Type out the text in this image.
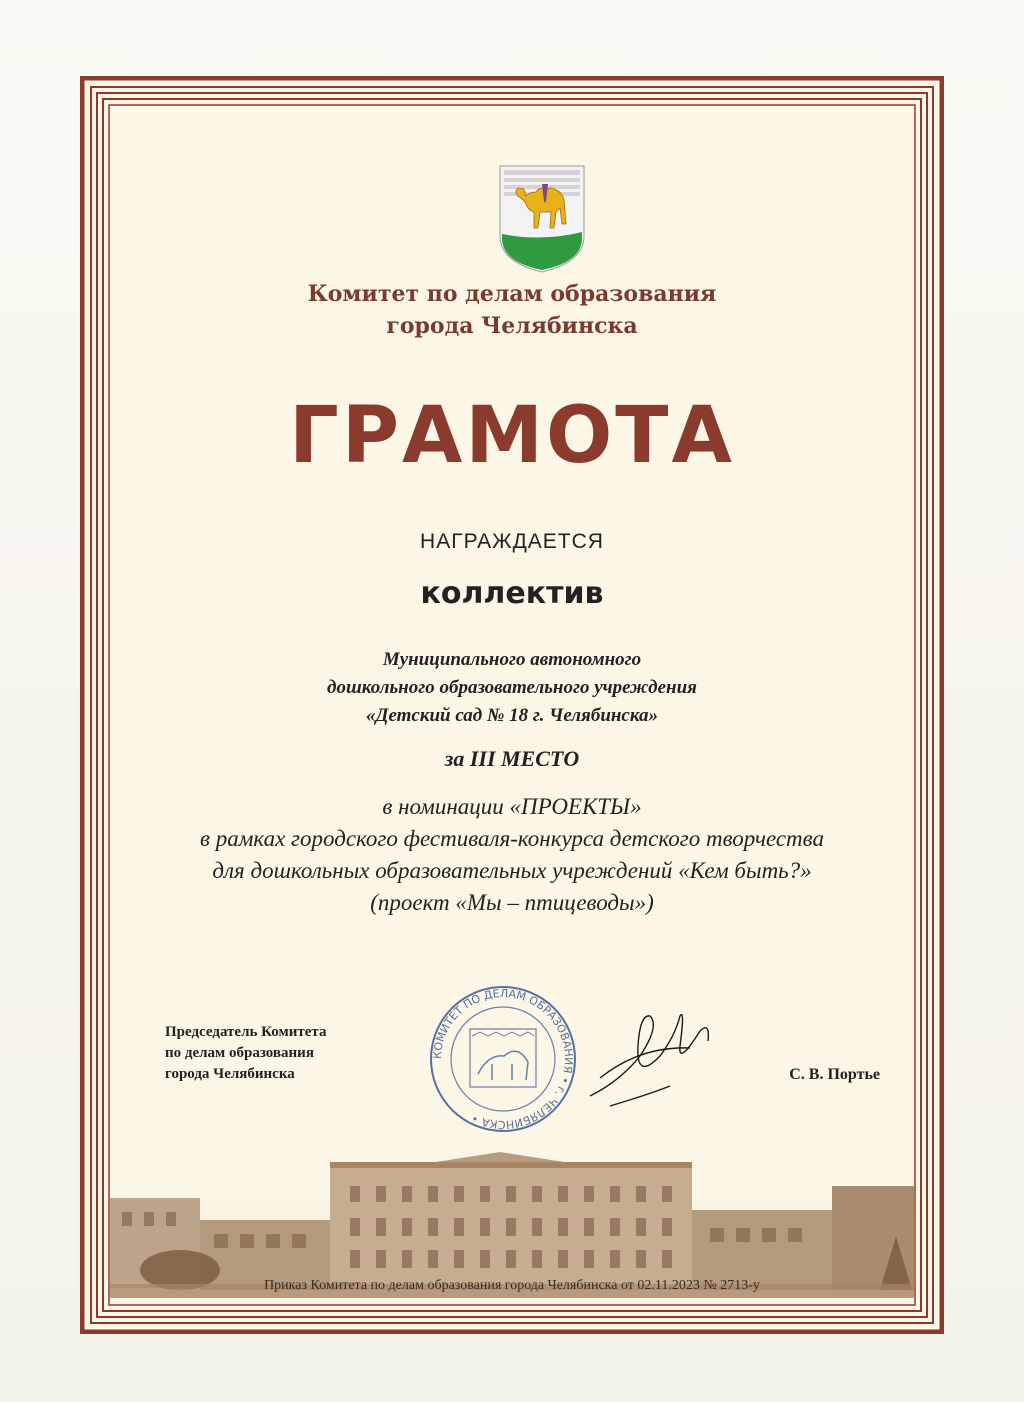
Комитет по делам образования
города Челябинска
ГРАМОТА
НАГРАЖДАЕТСЯ
коллектив
Муниципального автономного
дошкольного образовательного учреждения
«Детский сад № 18 г. Челябинска»
за III МЕСТО
в номинации «ПРОЕКТЫ»
в рамках городского фестиваля-конкурса детского творчества
для дошкольных образовательных учреждений «Кем быть?»
(проект «Мы – птицеводы»)
Председатель Комитета
по делам образования
города Челябинска
КОМИТЕТ ПО ДЕЛАМ ОБРАЗОВАНИЯ • г. ЧЕЛЯБИНСКА •
С. В. Портье
Приказ Комитета по делам образования города Челябинска от 02.11.2023 № 2713-у
